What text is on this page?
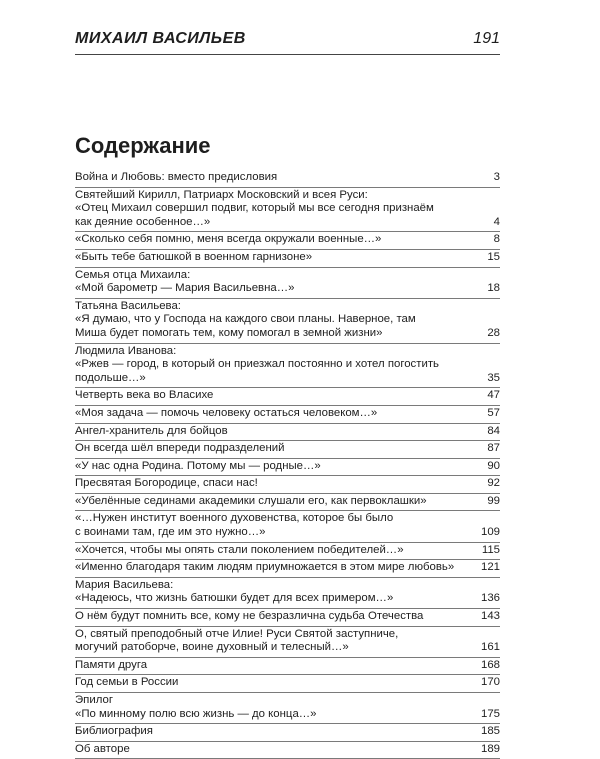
МИХАИЛ ВАСИЛЬЕВ	191
Содержание
Война и Любовь: вместо предисловия	3
Святейший Кирилл, Патриарх Московский и всея Руси:
«Отец Михаил совершил подвиг, который мы все сегодня признаём
как деяние особенное…»	4
«Сколько себя помню, меня всегда окружали военные…»	8
«Быть тебе батюшкой в военном гарнизоне»	15
Семья отца Михаила:
«Мой барометр — Мария Васильевна…»	18
Татьяна Васильева:
«Я думаю, что у Господа на каждого свои планы. Наверное, там
Миша будет помогать тем, кому помогал в земной жизни»	28
Людмила Иванова:
«Ржев — город, в который он приезжал постоянно и хотел погостить
подольше…»	35
Четверть века во Власихе	47
«Моя задача — помочь человеку остаться человеком…»	57
Ангел-хранитель для бойцов	84
Он всегда шёл впереди подразделений	87
«У нас одна Родина. Потому мы — родные…»	90
Пресвятая Богородице, спаси нас!	92
«Убелённые сединами академики слушали его, как первоклашки»	99
«…Нужен институт военного духовенства, которое бы было
с воинами там, где им это нужно…»	109
«Хочется, чтобы мы опять стали поколением победителей…»	115
«Именно благодаря таким людям приумножается в этом мире любовь»	121
Мария Васильева:
«Надеюсь, что жизнь батюшки будет для всех примером…»	136
О нём будут помнить все, кому не безразлична судьба Отечества	143
О, святый преподобный отче Илие! Руси Святой заступниче,
могучий ратоборче, воине духовный и телесный…»	161
Памяти друга	168
Год семьи в России	170
Эпилог
«По минному полю всю жизнь — до конца…»	175
Библиография	185
Об авторе	189
